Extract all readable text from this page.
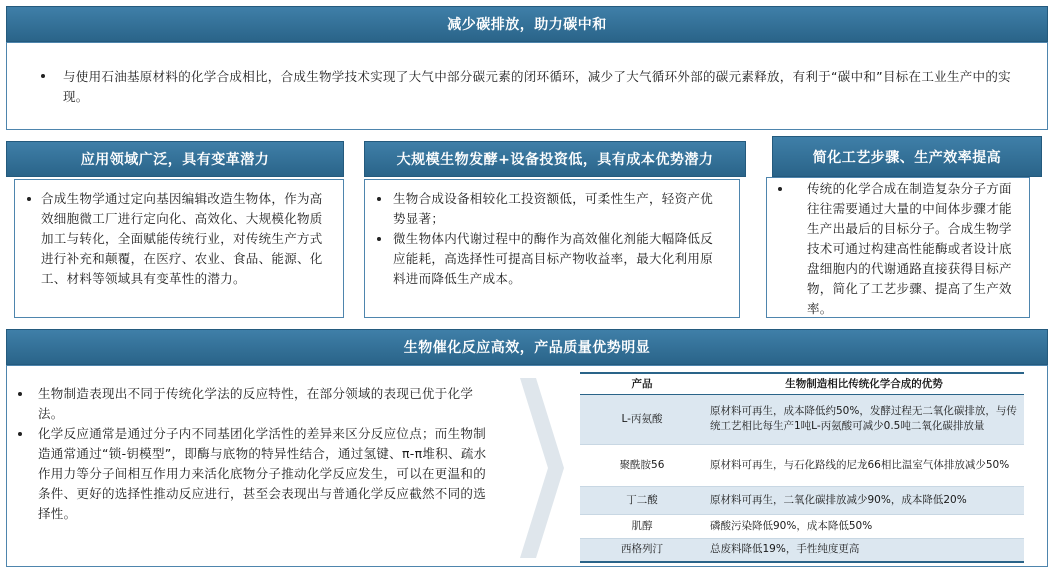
减少碳排放，助力碳中和
与使用石油基原材料的化学合成相比，合成生物学技术实现了大气中部分碳元素的闭环循环，减少了大气循环外部的碳元素释放，有利于“碳中和”目标在工业生产中的实现。
应用领域广泛，具有变革潜力
合成生物学通过定向基因编辑改造生物体，作为高效细胞微工厂进行定向化、高效化、大规模化物质加工与转化，全面赋能传统行业，对传统生产方式进行补充和颠覆，在医疗、农业、食品、能源、化工、材料等领域具有变革性的潜力。
大规模生物发酵+设备投资低，具有成本优势潜力
生物合成设备相较化工投资额低，可柔性生产，轻资产优势显著；
微生物体内代谢过程中的酶作为高效催化剂能大幅降低反应能耗，高选择性可提高目标产物收益率，最大化利用原料进而降低生产成本。
简化工艺步骤、生产效率提高
传统的化学合成在制造复杂分子方面往往需要通过大量的中间体步骤才能生产出最后的目标分子。合成生物学技术可通过构建高性能酶或者设计底盘细胞内的代谢通路直接获得目标产物，简化了工艺步骤、提高了生产效率。
生物催化反应高效，产品质量优势明显
生物制造表现出不同于传统化学法的反应特性，在部分领域的表现已优于化学法。
化学反应通常是通过分子内不同基团化学活性的差异来区分反应位点；而生物制造通常通过“锁-钥模型”，即酶与底物的特异性结合，通过氢键、π-π堆积、疏水作用力等分子间相互作用力来活化底物分子推动化学反应发生，可以在更温和的条件、更好的选择性推动反应进行，甚至会表现出与普通化学反应截然不同的选择性。
产品	生物制造相比传统化学合成的优势
L-丙氨酸	原材料可再生，成本降低约50%，发酵过程无二氧化碳排放，与传统工艺相比每生产1吨L-丙氨酸可减少0.5吨二氧化碳排放量
聚酰胺56	原材料可再生，与石化路线的尼龙66相比温室气体排放减少50%
丁二酸	原材料可再生，二氧化碳排放减少90%，成本降低20%
肌醇	磷酸污染降低90%，成本降低50%
西格列汀	总废料降低19%，手性纯度更高
